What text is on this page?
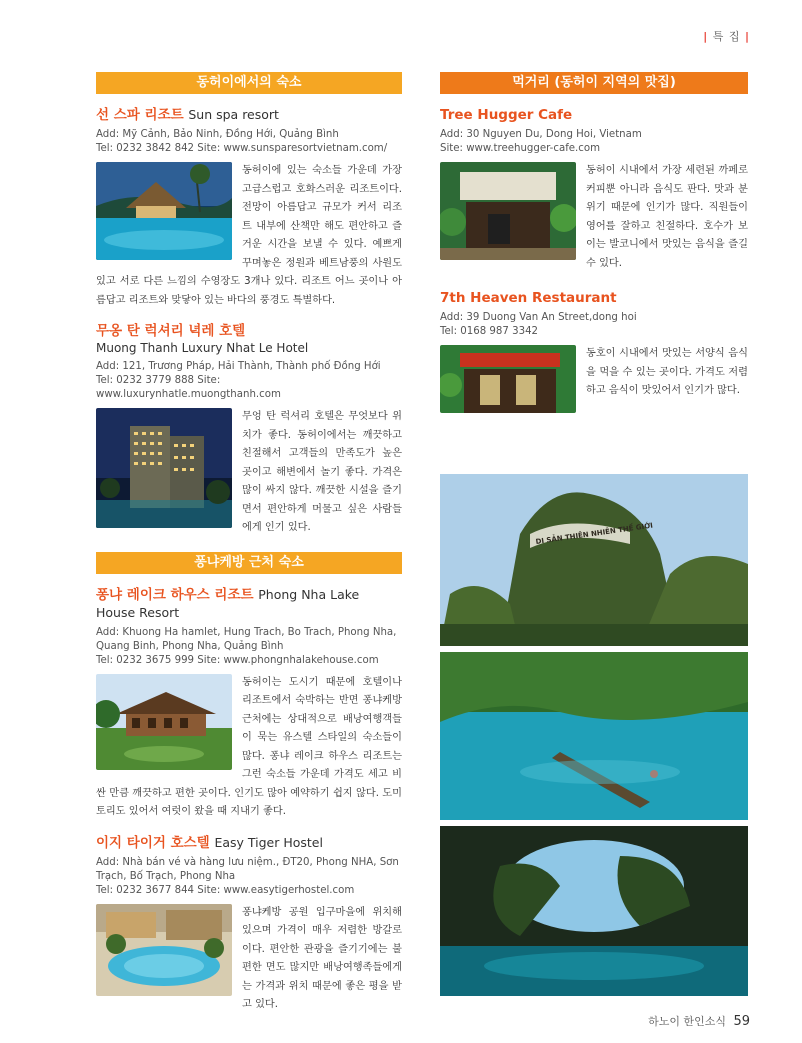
| 특 집 |
동허이에서의 숙소
선 스파 리조트 Sun spa resort
Add: Mỹ Cảnh, Bảo Ninh, Đồng Hới, Quảng Bình
Tel: 0232 3842 842 Site: www.sunsparesortvietnam.com/
동허이에 있는 숙소들 가운데 가장 고급스럽고 호화스러운 리조트이다. 전망이 아름답고 규모가 커서 리조트 내부에 산책만 해도 편안하고 즐거운 시간을 보낼 수 있다. 예쁘게 꾸며놓은 정원과 베트남풍의 사원도 있고 서로 다른 느낌의 수영장도 3개나 있다. 리조트 어느 곳이나 아름답고 리조트와 맞닿아 있는 바다의 풍경도 특별하다.
무옹 탄 럭셔리 녁레 호텔
Muong Thanh Luxury Nhat Le Hotel
Add: 121, Trương Pháp, Hải Thành, Thành phố Đồng Hới
Tel: 0232 3779 888 Site: www.luxurynhatle.muongthanh.com
무엉 탄 럭셔리 호텔은 무엇보다 위치가 좋다. 동허이에서는 깨끗하고 친절해서 고객들의 만족도가 높은 곳이고 해변에서 놀기 좋다. 가격은 많이 싸지 않다. 깨끗한 시설을 즐기면서 편안하게 머물고 싶은 사람들에게 인기 있다.
퐁냐케방 근처 숙소
퐁냐 레이크 하우스 리조트 Phong Nha Lake House Resort
Add: Khuong Ha hamlet, Hung Trach, Bo Trach, Phong Nha, Quang Binh, Phong Nha, Quảng Bình
Tel: 0232 3675 999 Site: www.phongnhalakehouse.com
동허이는 도시기 때문에 호텔이나 리조트에서 숙박하는 반면 퐁냐케방 근처에는 상대적으로 배낭여행객들이 묵는 유스텔 스타일의 숙소들이 많다. 퐁냐 레이크 하우스 리조트는 그런 숙소들 가운데 가격도 세고 비싼 만큼 깨끗하고 편한 곳이다. 인기도 많아 예약하기 쉽지 않다. 도미토리도 있어서 여럿이 왔을 때 지내기 좋다.
이지 타이거 호스텔 Easy Tiger Hostel
Add: Nhà bán vé và hàng lưu niệm., ĐT20, Phong NHA, Sơn Trạch, Bố Trạch, Phong Nha
Tel: 0232 3677 844 Site: www.easytigerhostel.com
퐁냐케방 공원 입구마을에 위치해 있으며 가격이 매우 저렴한 방갈로이다. 편안한 관광을 즐기기에는 불편한 면도 많지만 배낭여행족들에게는 가격과 위치 때문에 좋은 평을 받고 있다.
먹거리 (동허이 지역의 맛집)
Tree Hugger Cafe
Add: 30 Nguyen Du, Dong Hoi, Vietnam
Site: www.treehugger-cafe.com
동허이 시내에서 가장 세련된 까페로 커피뿐 아니라 음식도 판다. 맛과 분위기 때문에 인기가 많다. 직원들이 영어를 잘하고 친절하다. 호수가 보이는 발코니에서 맛있는 음식을 즐길 수 있다.
7th Heaven Restaurant
Add: 39 Duong Van An Street,dong hoi
Tel: 0168 987 3342
동호이 시내에서 맛있는 서양식 음식을 먹을 수 있는 곳이다. 가격도 저렴하고 음식이 맛있어서 인기가 많다.
DI SẢN THIÊN NHIÊN THẾ GIỚI
하노이 한인소식 59
